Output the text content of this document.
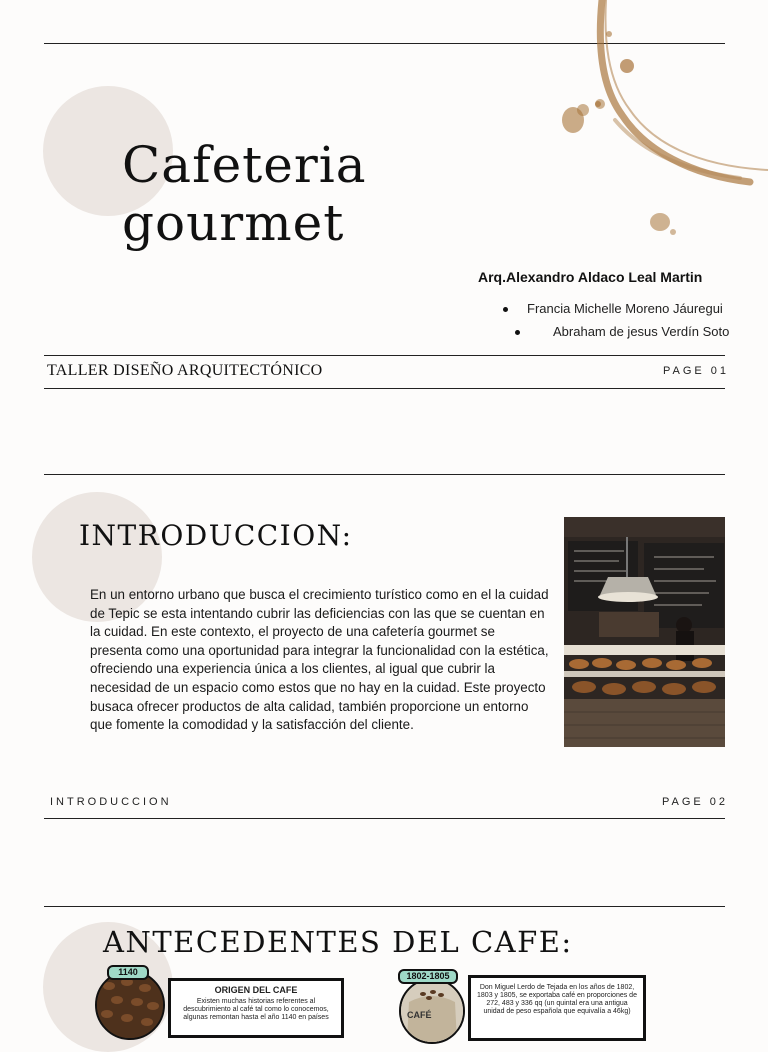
Cafeteria
gourmet
Arq.Alexandro Aldaco Leal Martin
Francia Michelle Moreno Jáuregui
Abraham de jesus Verdín Soto
TALLER DISEÑO ARQUITECTÓNICO	PAGE 01
INTRODUCCION:
En un entorno urbano que busca el crecimiento turístico como en el la cuidad de Tepic se esta intentando cubrir las deficiencias con las que se cuentan en la cuidad. En este contexto, el proyecto de una cafetería gourmet se presenta como una oportunidad para integrar la funcionalidad con la estética, ofreciendo una experiencia única a los clientes, al igual que cubrir la necesidad de un espacio como estos que no hay en la cuidad. Este proyecto busaca ofrecer productos de alta calidad, también proporcione un entorno que fomente la comodidad y la satisfacción del cliente.
INTRODUCCION	PAGE 02
ANTECEDENTES DEL CAFE:
1140
ORIGEN DEL CAFE
Existen muchas historias referentes al descubrimiento al café tal como lo conocemos, algunas remontan hasta el año 1140 en países	CAFÉ
1802-1805
Don Miguel Lerdo de Tejada en los años de 1802, 1803 y 1805, se exportaba café en proporciones de 272, 483 y 336 qq (un quintal era una antigua unidad de peso española que equivalía a 46kg)
